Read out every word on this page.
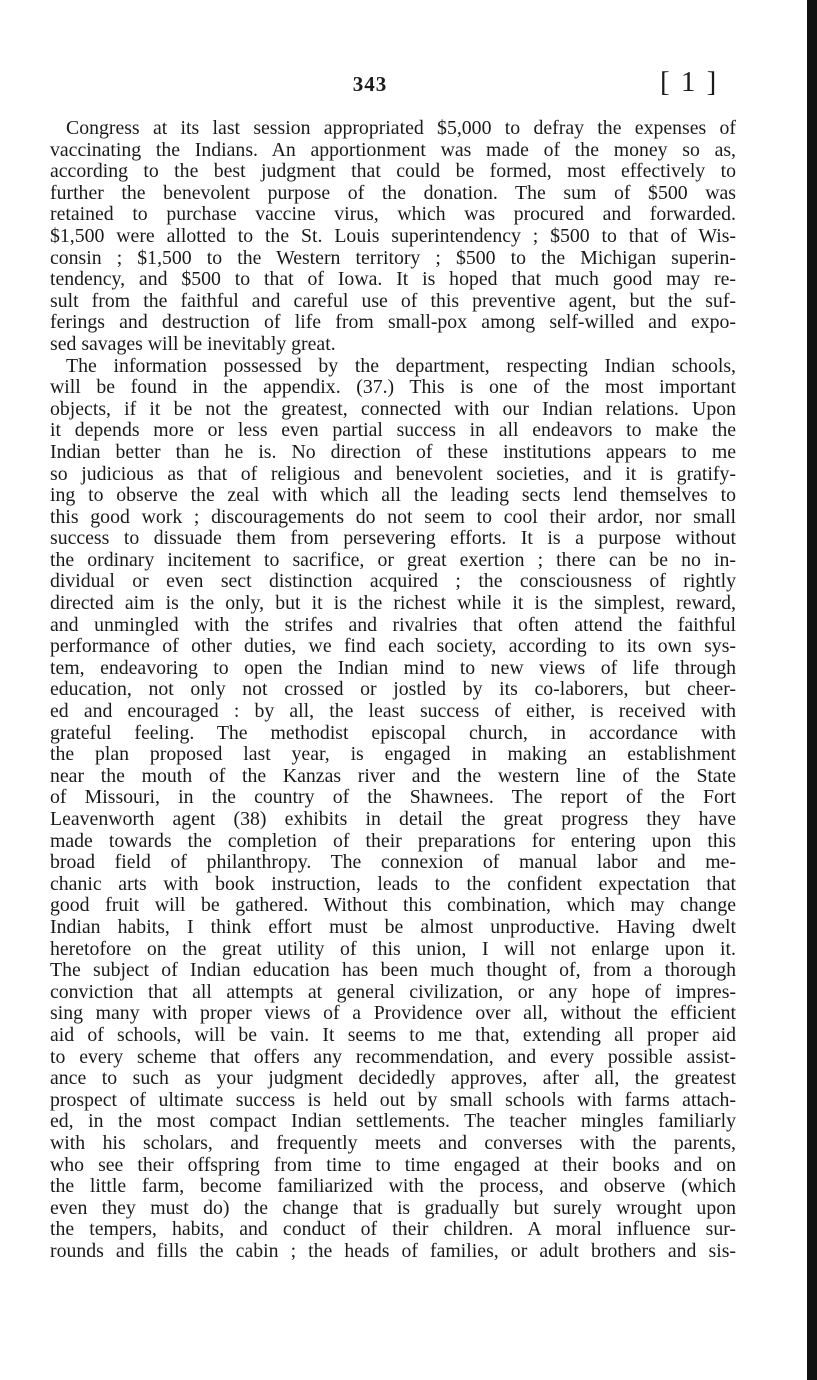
343	[ 1 ]
Congress at its last session appropriated $5,000 to defray the expenses of
vaccinating the Indians. An apportionment was made of the money so as,
according to the best judgment that could be formed, most effectively to
further the benevolent purpose of the donation. The sum of $500 was
retained to purchase vaccine virus, which was procured and forwarded.
$1,500 were allotted to the St. Louis superintendency ; $500 to that of Wis-
consin ; $1,500 to the Western territory ; $500 to the Michigan superin-
tendency, and $500 to that of Iowa. It is hoped that much good may re-
sult from the faithful and careful use of this preventive agent, but the suf-
ferings and destruction of life from small-pox among self-willed and expo-
sed savages will be inevitably great.
The information possessed by the department, respecting Indian schools,
will be found in the appendix. (37.) This is one of the most important
objects, if it be not the greatest, connected with our Indian relations. Upon
it depends more or less even partial success in all endeavors to make the
Indian better than he is. No direction of these institutions appears to me
so judicious as that of religious and benevolent societies, and it is gratify-
ing to observe the zeal with which all the leading sects lend themselves to
this good work ; discouragements do not seem to cool their ardor, nor small
success to dissuade them from persevering efforts. It is a purpose without
the ordinary incitement to sacrifice, or great exertion ; there can be no in-
dividual or even sect distinction acquired ; the consciousness of rightly
directed aim is the only, but it is the richest while it is the simplest, reward,
and unmingled with the strifes and rivalries that often attend the faithful
performance of other duties, we find each society, according to its own sys-
tem, endeavoring to open the Indian mind to new views of life through
education, not only not crossed or jostled by its co-laborers, but cheer-
ed and encouraged : by all, the least success of either, is received with
grateful feeling. The methodist episcopal church, in accordance with
the plan proposed last year, is engaged in making an establishment
near the mouth of the Kanzas river and the western line of the State
of Missouri, in the country of the Shawnees. The report of the Fort
Leavenworth agent (38) exhibits in detail the great progress they have
made towards the completion of their preparations for entering upon this
broad field of philanthropy. The connexion of manual labor and me-
chanic arts with book instruction, leads to the confident expectation that
good fruit will be gathered. Without this combination, which may change
Indian habits, I think effort must be almost unproductive. Having dwelt
heretofore on the great utility of this union, I will not enlarge upon it.
The subject of Indian education has been much thought of, from a thorough
conviction that all attempts at general civilization, or any hope of impres-
sing many with proper views of a Providence over all, without the efficient
aid of schools, will be vain. It seems to me that, extending all proper aid
to every scheme that offers any recommendation, and every possible assist-
ance to such as your judgment decidedly approves, after all, the greatest
prospect of ultimate success is held out by small schools with farms attach-
ed, in the most compact Indian settlements. The teacher mingles familiarly
with his scholars, and frequently meets and converses with the parents,
who see their offspring from time to time engaged at their books and on
the little farm, become familiarized with the process, and observe (which
even they must do) the change that is gradually but surely wrought upon
the tempers, habits, and conduct of their children. A moral influence sur-
rounds and fills the cabin ; the heads of families, or adult brothers and sis-
